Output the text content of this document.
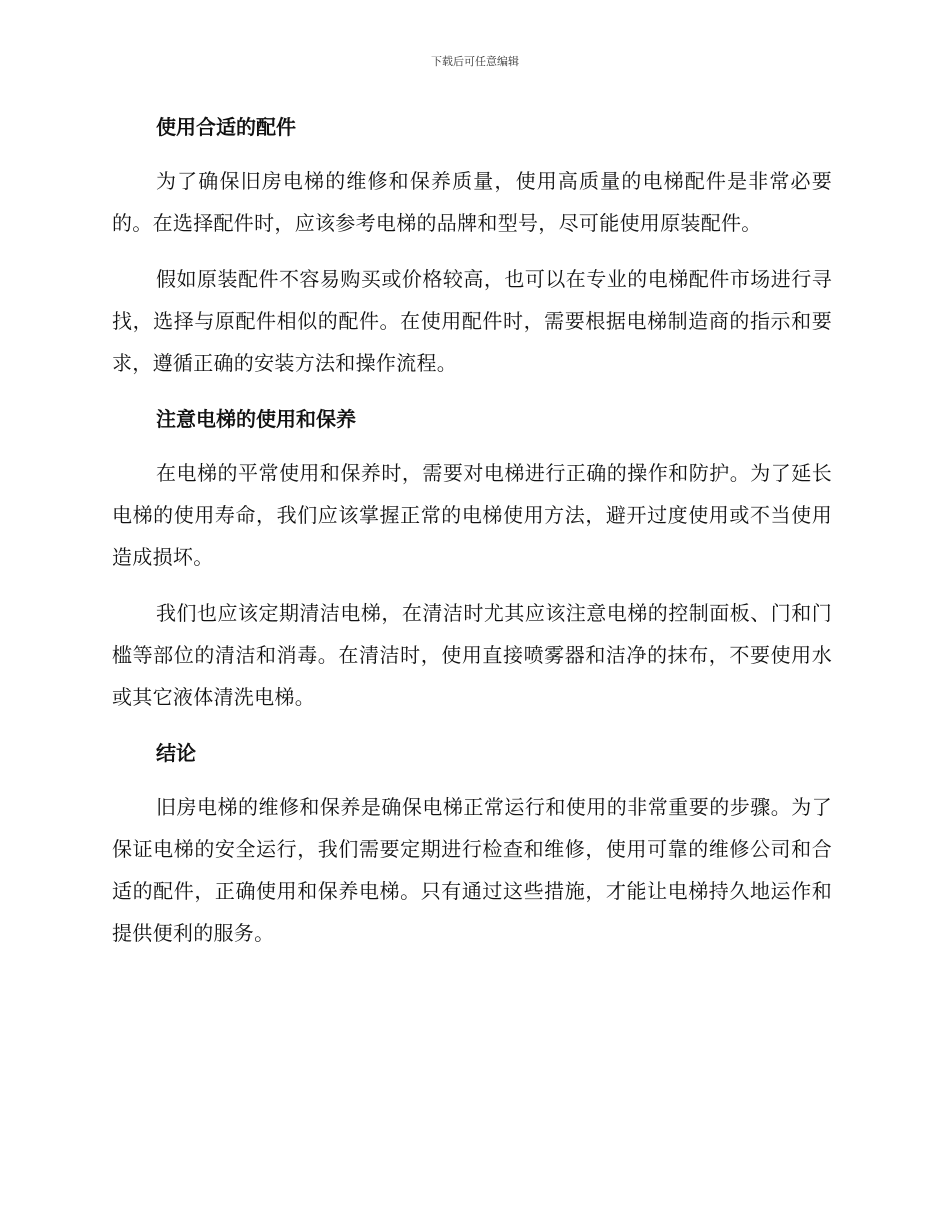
下载后可任意编辑
使用合适的配件

为了确保旧房电梯的维修和保养质量，使用高质量的电梯配件是非常必要的。在选择配件时，应该参考电梯的品牌和型号，尽可能使用原装配件。

假如原装配件不容易购买或价格较高，也可以在专业的电梯配件市场进行寻找，选择与原配件相似的配件。在使用配件时，需要根据电梯制造商的指示和要求，遵循正确的安装方法和操作流程。

注意电梯的使用和保养

在电梯的平常使用和保养时，需要对电梯进行正确的操作和防护。为了延长电梯的使用寿命，我们应该掌握正常的电梯使用方法，避开过度使用或不当使用造成损坏。

我们也应该定期清洁电梯，在清洁时尤其应该注意电梯的控制面板、门和门槛等部位的清洁和消毒。在清洁时，使用直接喷雾器和洁净的抹布，不要使用水或其它液体清洗电梯。

结论

旧房电梯的维修和保养是确保电梯正常运行和使用的非常重要的步骤。为了保证电梯的安全运行，我们需要定期进行检查和维修，使用可靠的维修公司和合适的配件，正确使用和保养电梯。只有通过这些措施，才能让电梯持久地运作和提供便利的服务。
